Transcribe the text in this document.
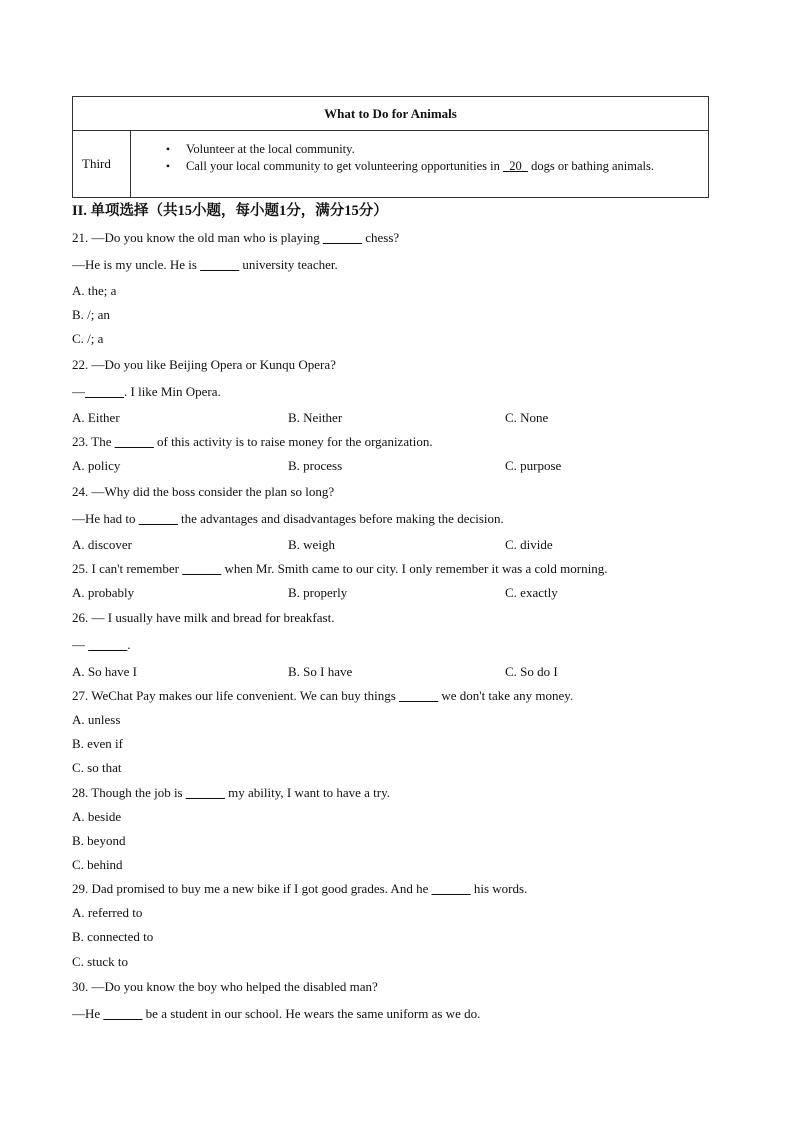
What to Do for Animals
Third
• Volunteer at the local community.
• Call your local community to get volunteering opportunities in 20 dogs or bathing animals.
II. 单项选择（共15小题，每小题1分，满分15分）
21. —Do you know the old man who is playing ______ chess?
—He is my uncle. He is ______ university teacher.
A. the; a
B. /; an
C. /; a
22. —Do you like Beijing Opera or Kunqu Opera?
—______. I like Min Opera.
A. Either	B. Neither	C. None
23. The ______ of this activity is to raise money for the organization.
A. policy	B. process	C. purpose
24. —Why did the boss consider the plan so long?
—He had to ______ the advantages and disadvantages before making the decision.
A. discover	B. weigh	C. divide
25. I can't remember ______ when Mr. Smith came to our city. I only remember it was a cold morning.
A. probably	B. properly	C. exactly
26. — I usually have milk and bread for breakfast.
— ______.
A. So have I	B. So I have	C. So do I
27. WeChat Pay makes our life convenient. We can buy things ______ we don't take any money.
A. unless
B. even if
C. so that
28. Though the job is ______ my ability, I want to have a try.
A. beside
B. beyond
C. behind
29. Dad promised to buy me a new bike if I got good grades. And he ______ his words.
A. referred to
B. connected to
C. stuck to
30. —Do you know the boy who helped the disabled man?
—He ______ be a student in our school. He wears the same uniform as we do.
